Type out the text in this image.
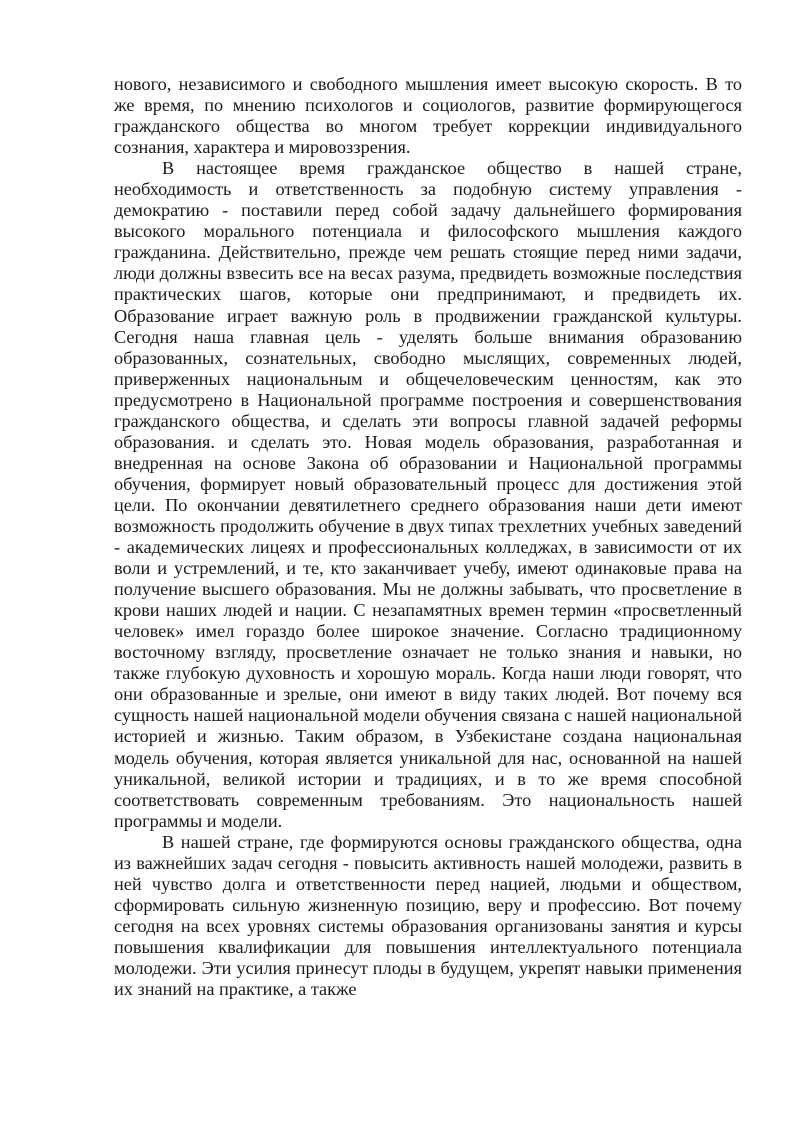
нового, независимого и свободного мышления имеет высокую скорость. В то же время, по мнению психологов и социологов, развитие формирующегося гражданского общества во многом требует коррекции индивидуального сознания, характера и мировоззрения.

В настоящее время гражданское общество в нашей стране, необходимость и ответственность за подобную систему управления - демократию - поставили перед собой задачу дальнейшего формирования высокого морального потенциала и философского мышления каждого гражданина. Действительно, прежде чем решать стоящие перед ними задачи, люди должны взвесить все на весах разума, предвидеть возможные последствия практических шагов, которые они предпринимают, и предвидеть их. Образование играет важную роль в продвижении гражданской культуры. Сегодня наша главная цель - уделять больше внимания образованию образованных, сознательных, свободно мыслящих, современных людей, приверженных национальным и общечеловеческим ценностям, как это предусмотрено в Национальной программе построения и совершенствования гражданского общества, и сделать эти вопросы главной задачей реформы образования. и сделать это. Новая модель образования, разработанная и внедренная на основе Закона об образовании и Национальной программы обучения, формирует новый образовательный процесс для достижения этой цели. По окончании девятилетнего среднего образования наши дети имеют возможность продолжить обучение в двух типах трехлетних учебных заведений - академических лицеях и профессиональных колледжах, в зависимости от их воли и устремлений, и те, кто заканчивает учебу, имеют одинаковые права на получение высшего образования. Мы не должны забывать, что просветление в крови наших людей и нации. С незапамятных времен термин «просветленный человек» имел гораздо более широкое значение. Согласно традиционному восточному взгляду, просветление означает не только знания и навыки, но также глубокую духовность и хорошую мораль. Когда наши люди говорят, что они образованные и зрелые, они имеют в виду таких людей. Вот почему вся сущность нашей национальной модели обучения связана с нашей национальной историей и жизнью. Таким образом, в Узбекистане создана национальная модель обучения, которая является уникальной для нас, основанной на нашей уникальной, великой истории и традициях, и в то же время способной соответствовать современным требованиям. Это национальность нашей программы и модели.

В нашей стране, где формируются основы гражданского общества, одна из важнейших задач сегодня - повысить активность нашей молодежи, развить в ней чувство долга и ответственности перед нацией, людьми и обществом, сформировать сильную жизненную позицию, веру и профессию. Вот почему сегодня на всех уровнях системы образования организованы занятия и курсы повышения квалификации для повышения интеллектуального потенциала молодежи. Эти усилия принесут плоды в будущем, укрепят навыки применения их знаний на практике, а также
